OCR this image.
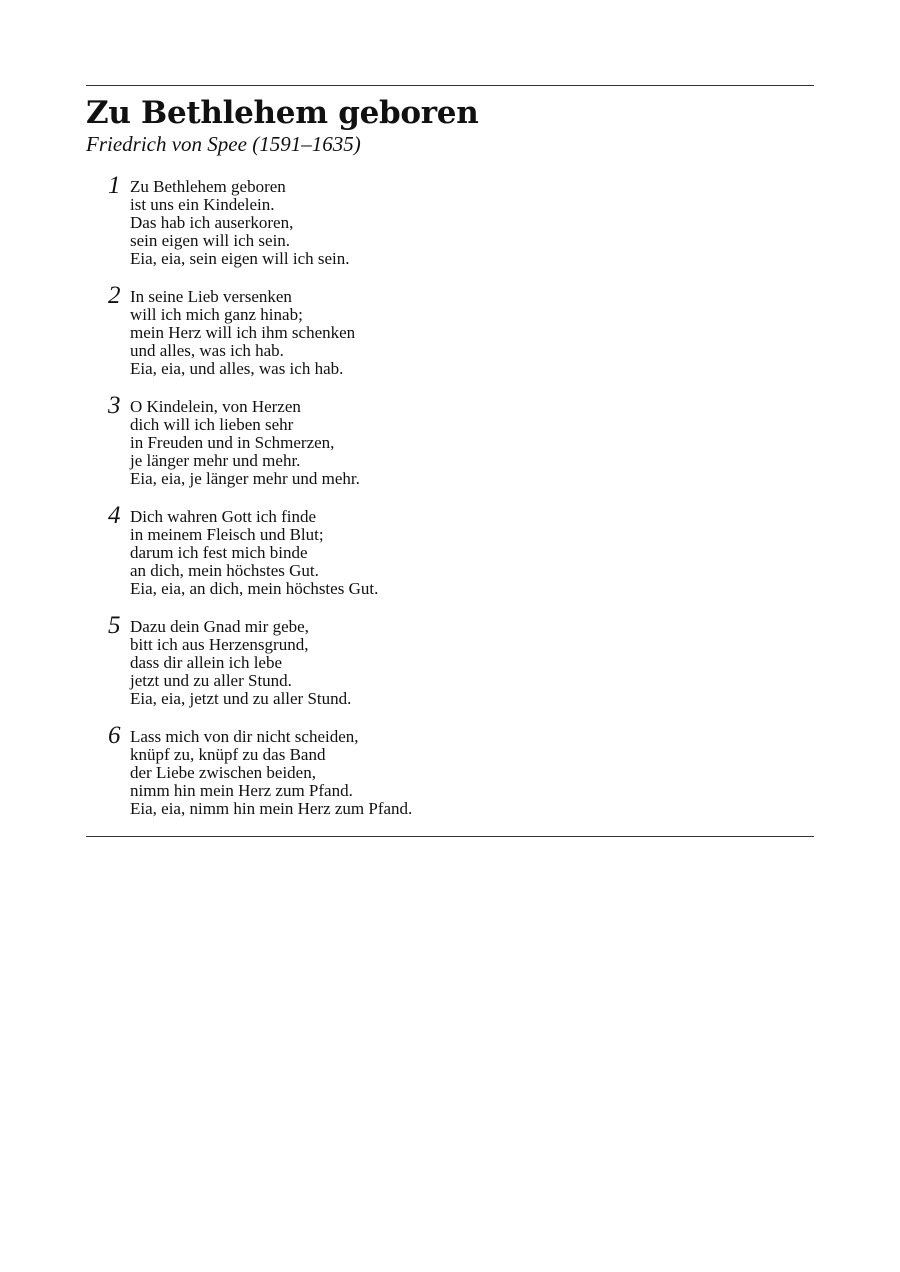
Zu Bethlehem geboren

Friedrich von Spee (1591–1635)

1 Zu Bethlehem geboren
ist uns ein Kindelein.
Das hab ich auserkoren,
sein eigen will ich sein.
Eia, eia, sein eigen will ich sein.
2 In seine Lieb versenken
will ich mich ganz hinab;
mein Herz will ich ihm schenken
und alles, was ich hab.
Eia, eia, und alles, was ich hab.
3 O Kindelein, von Herzen
dich will ich lieben sehr
in Freuden und in Schmerzen,
je länger mehr und mehr.
Eia, eia, je länger mehr und mehr.
4 Dich wahren Gott ich finde
in meinem Fleisch und Blut;
darum ich fest mich binde
an dich, mein höchstes Gut.
Eia, eia, an dich, mein höchstes Gut.
5 Dazu dein Gnad mir gebe,
bitt ich aus Herzensgrund,
dass dir allein ich lebe
jetzt und zu aller Stund.
Eia, eia, jetzt und zu aller Stund.
6 Lass mich von dir nicht scheiden,
knüpf zu, knüpf zu das Band
der Liebe zwischen beiden,
nimm hin mein Herz zum Pfand.
Eia, eia, nimm hin mein Herz zum Pfand.
